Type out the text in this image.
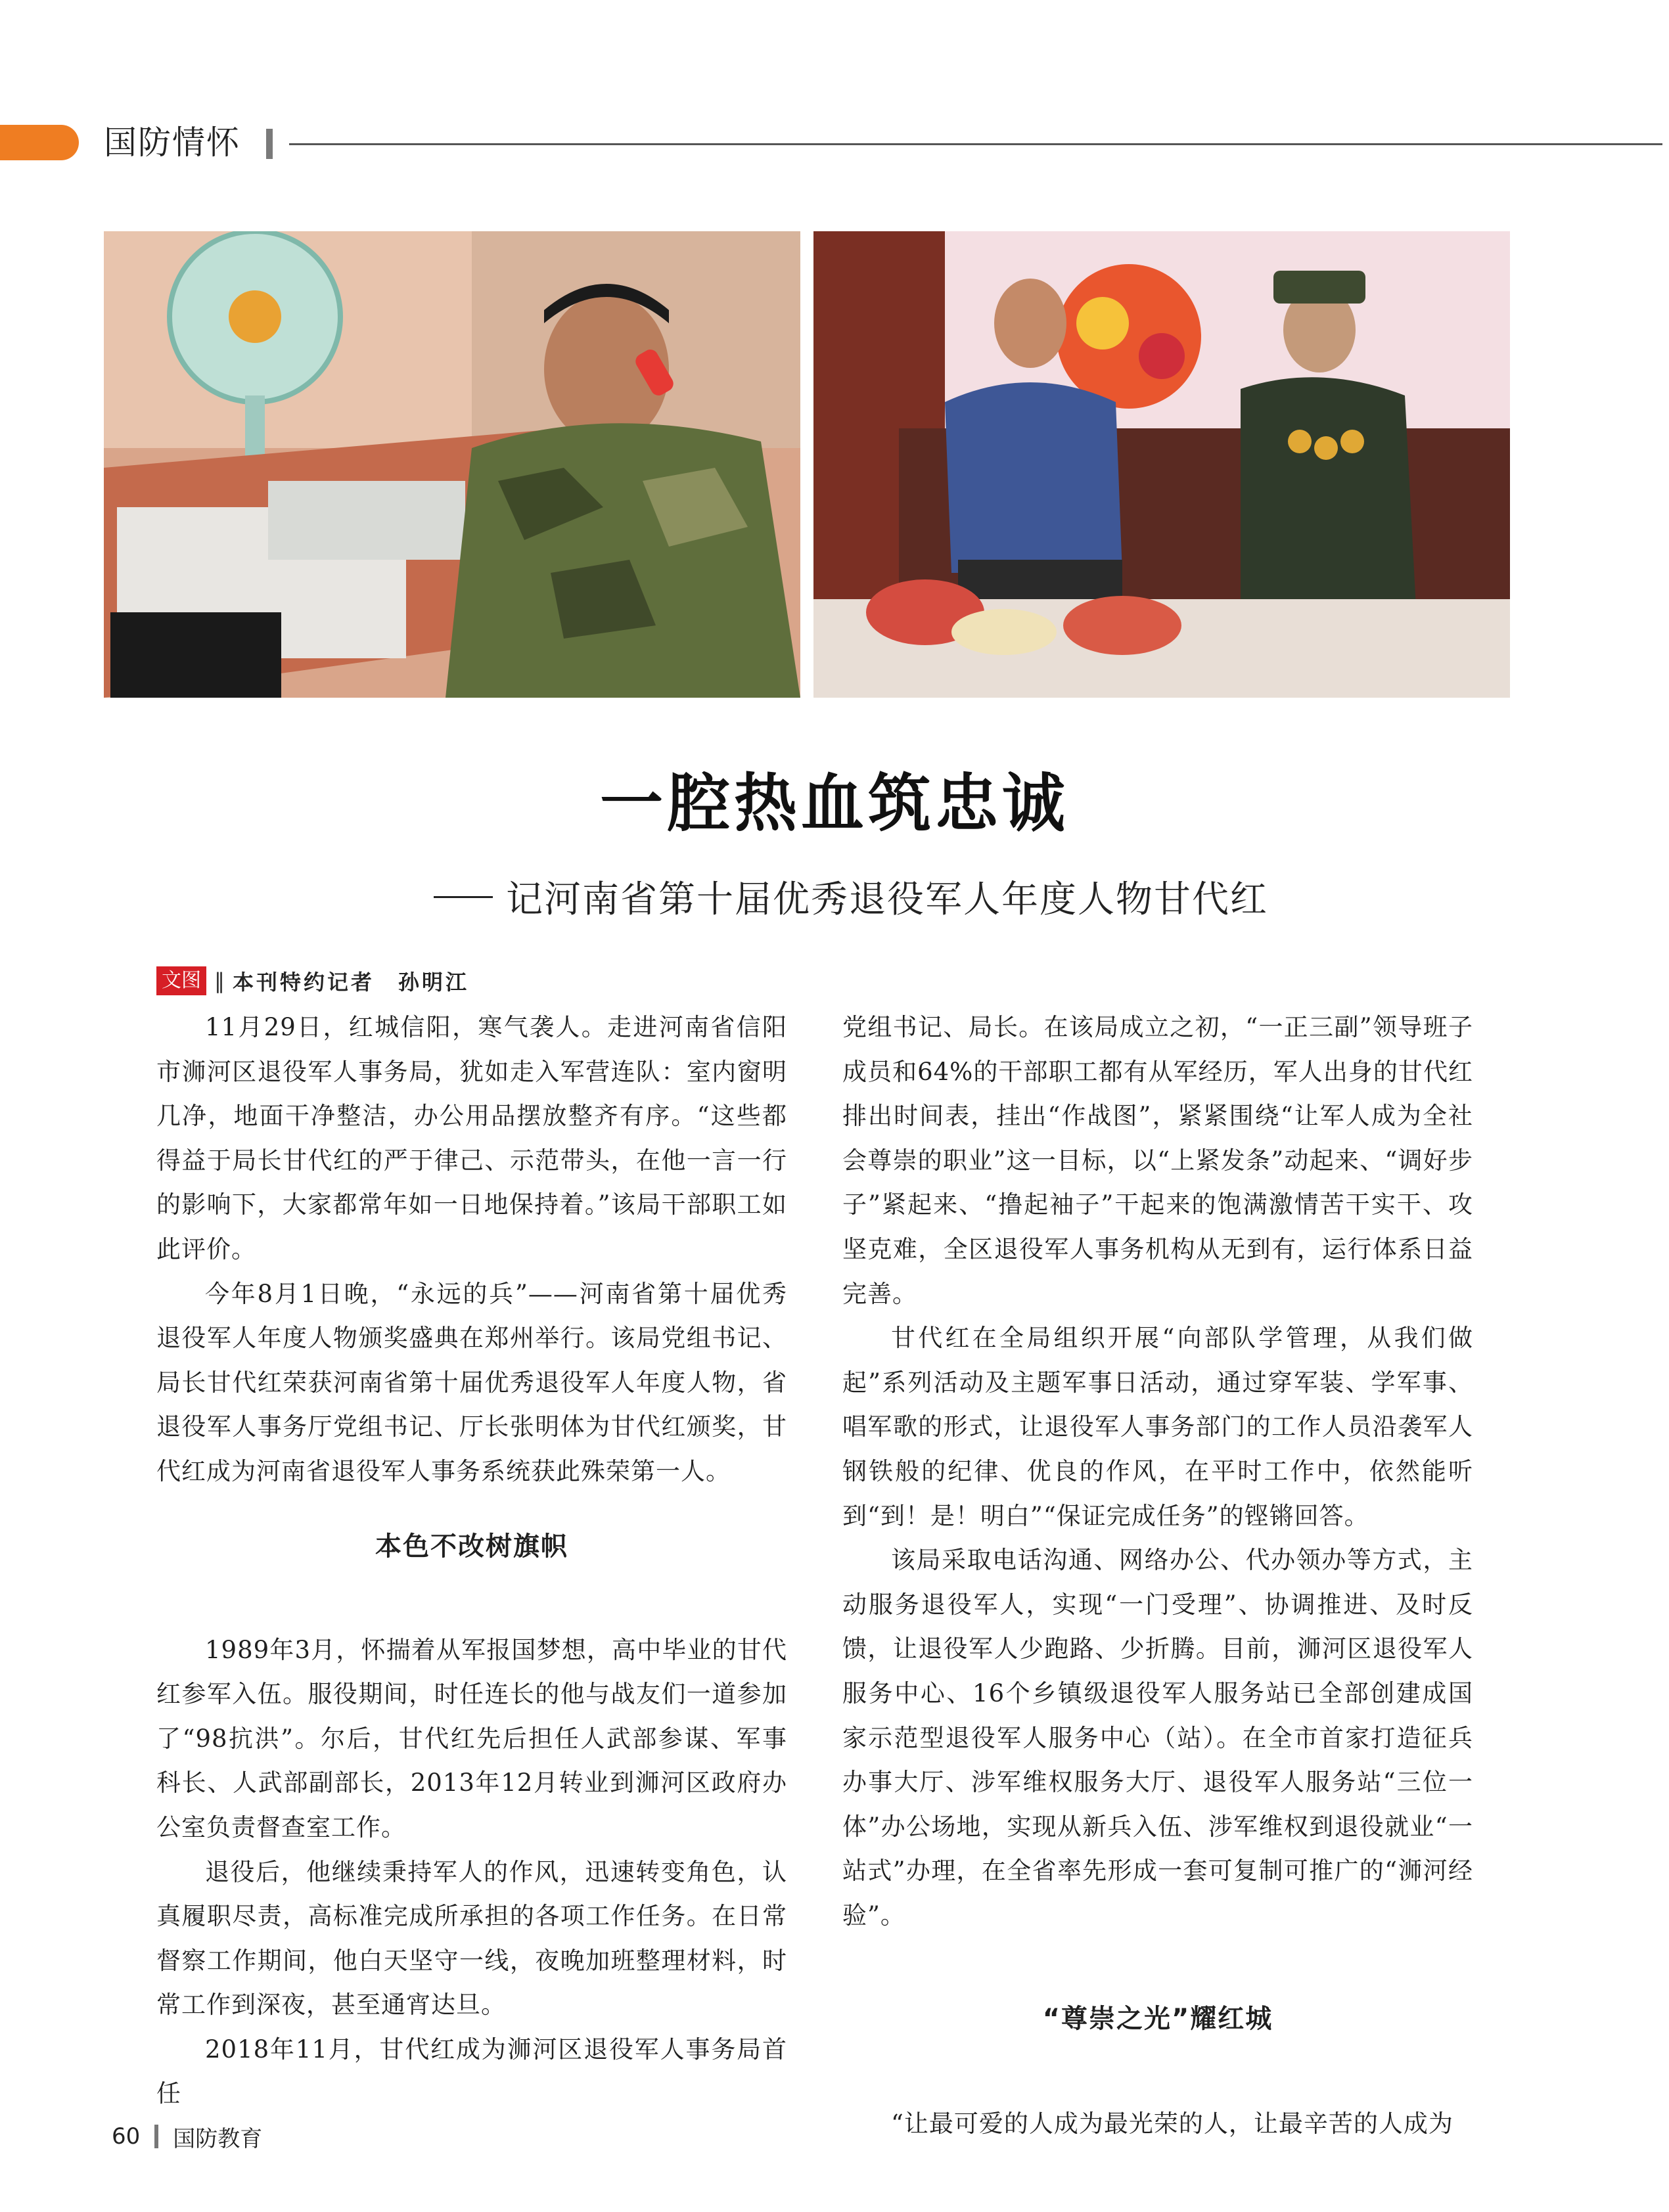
国防情怀
一腔热血筑忠诚
记河南省第十届优秀退役军人年度人物甘代红
文图 ‖ 本刊特约记者　孙明江

11月29日，红城信阳，寒气袭人。走进河南省信阳市浉河区退役军人事务局，犹如走入军营连队：室内窗明几净，地面干净整洁，办公用品摆放整齐有序。“这些都得益于局长甘代红的严于律己、示范带头，在他一言一行的影响下，大家都常年如一日地保持着。”该局干部职工如此评价。

今年8月1日晚，“永远的兵”——河南省第十届优秀退役军人年度人物颁奖盛典在郑州举行。该局党组书记、局长甘代红荣获河南省第十届优秀退役军人年度人物，省退役军人事务厅党组书记、厅长张明体为甘代红颁奖，甘代红成为河南省退役军人事务系统获此殊荣第一人。

本色不改树旗帜

1989年3月，怀揣着从军报国梦想，高中毕业的甘代红参军入伍。服役期间，时任连长的他与战友们一道参加了“98抗洪”。尔后，甘代红先后担任人武部参谋、军事科长、人武部副部长，2013年12月转业到浉河区政府办公室负责督查室工作。

退役后，他继续秉持军人的作风，迅速转变角色，认真履职尽责，高标准完成所承担的各项工作任务。在日常督察工作期间，他白天坚守一线，夜晚加班整理材料，时常工作到深夜，甚至通宵达旦。

2018年11月，甘代红成为浉河区退役军人事务局首任

党组书记、局长。在该局成立之初，“一正三副”领导班子成员和64%的干部职工都有从军经历，军人出身的甘代红排出时间表，挂出“作战图”，紧紧围绕“让军人成为全社会尊崇的职业”这一目标，以“上紧发条”动起来、“调好步子”紧起来、“撸起袖子”干起来的饱满激情苦干实干、攻坚克难，全区退役军人事务机构从无到有，运行体系日益完善。

甘代红在全局组织开展“向部队学管理，从我们做起”系列活动及主题军事日活动，通过穿军装、学军事、唱军歌的形式，让退役军人事务部门的工作人员沿袭军人钢铁般的纪律、优良的作风，在平时工作中，依然能听到“到！是！明白”“保证完成任务”的铿锵回答。

该局采取电话沟通、网络办公、代办领办等方式，主动服务退役军人，实现“一门受理”、协调推进、及时反馈，让退役军人少跑路、少折腾。目前，浉河区退役军人服务中心、16个乡镇级退役军人服务站已全部创建成国家示范型退役军人服务中心（站）。在全市首家打造征兵办事大厅、涉军维权服务大厅、退役军人服务站“三位一体”办公场地，实现从新兵入伍、涉军维权到退役就业“一站式”办理，在全省率先形成一套可复制可推广的“浉河经验”。

“尊崇之光”耀红城

“让最可爱的人成为最光荣的人，让最辛苦的人成为

60 国防教育
